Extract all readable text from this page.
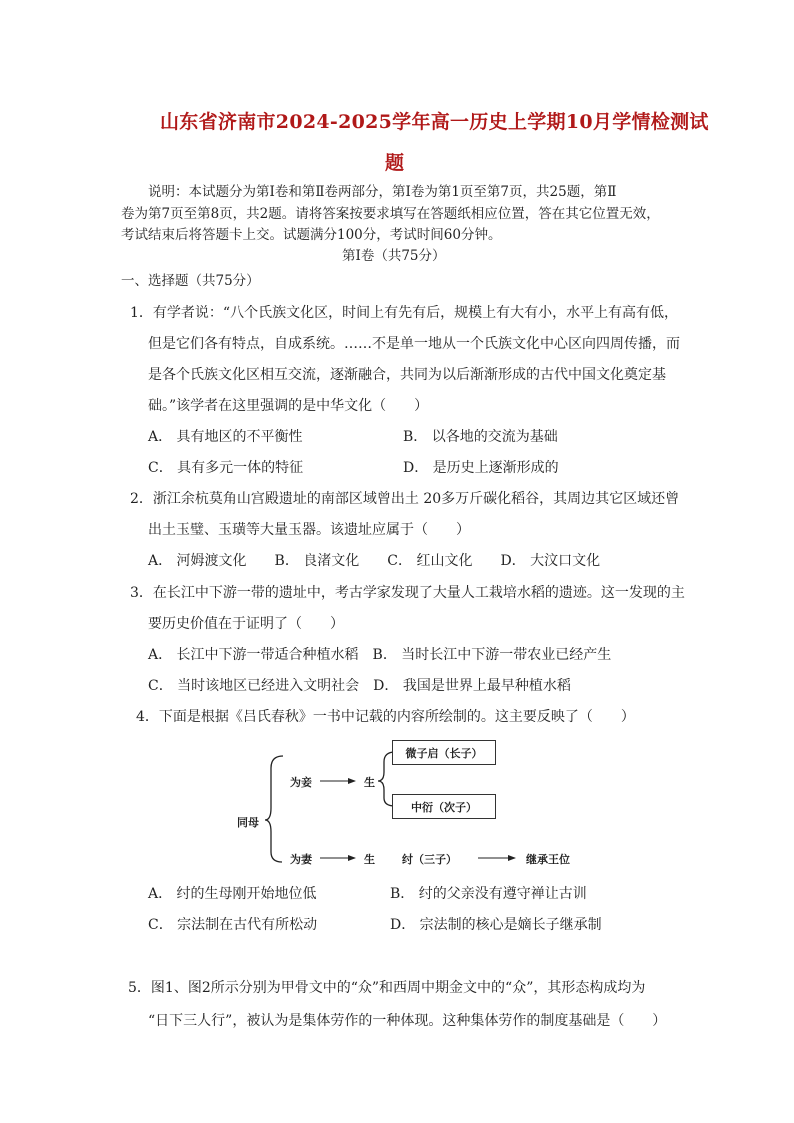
山东省济南市2024-2025学年高一历史上学期10月学情检测试
题
说明：本试题分为第Ⅰ卷和第Ⅱ卷两部分，第Ⅰ卷为第1页至第7页，共25题，第Ⅱ
卷为第7页至第8页，共2题。请将答案按要求填写在答题纸相应位置，答在其它位置无效，
考试结束后将答题卡上交。试题满分100分，考试时间60分钟。
第Ⅰ卷（共75分）
一、选择题（共75分）
1．有学者说：“八个氏族文化区，时间上有先有后，规模上有大有小，水平上有高有低，
但是它们各有特点，自成系统。……不是单一地从一个氏族文化中心区向四周传播，而
是各个氏族文化区相互交流，逐渐融合，共同为以后渐渐形成的古代中国文化奠定基
础。”该学者在这里强调的是中华文化（　　）
A． 具有地区的不平衡性	B． 以各地的交流为基础
C． 具有多元一体的特征	D． 是历史上逐渐形成的
2．浙江余杭莫角山宫殿遗址的南部区域曾出土 20多万斤碳化稻谷，其周边其它区域还曾
出土玉璧、玉璜等大量玉器。该遗址应属于（　　）
A． 河姆渡文化　　B． 良渚文化　　C． 红山文化　　D． 大汶口文化
3．在长江中下游一带的遗址中，考古学家发现了大量人工栽培水稻的遗迹。这一发现的主
要历史价值在于证明了（　　）
A． 长江中下游一带适合种植水稻　B． 当时长江中下游一带农业已经产生
C． 当时该地区已经进入文明社会　D． 我国是世界上最早种植水稻
4．下面是根据《吕氏春秋》一书中记载的内容所绘制的。这主要反映了（　　）
同母
为妾	生
微子启（长子）
中衍（次子）
为妻	生 纣（三子）	继承王位
A． 纣的生母刚开始地位低	B． 纣的父亲没有遵守禅让古训
C． 宗法制在古代有所松动	D． 宗法制的核心是嫡长子继承制
5．图1、图2所示分别为甲骨文中的“众”和西周中期金文中的“众”，其形态构成均为
“日下三人行”，被认为是集体劳作的一种体现。这种集体劳作的制度基础是（　　）
